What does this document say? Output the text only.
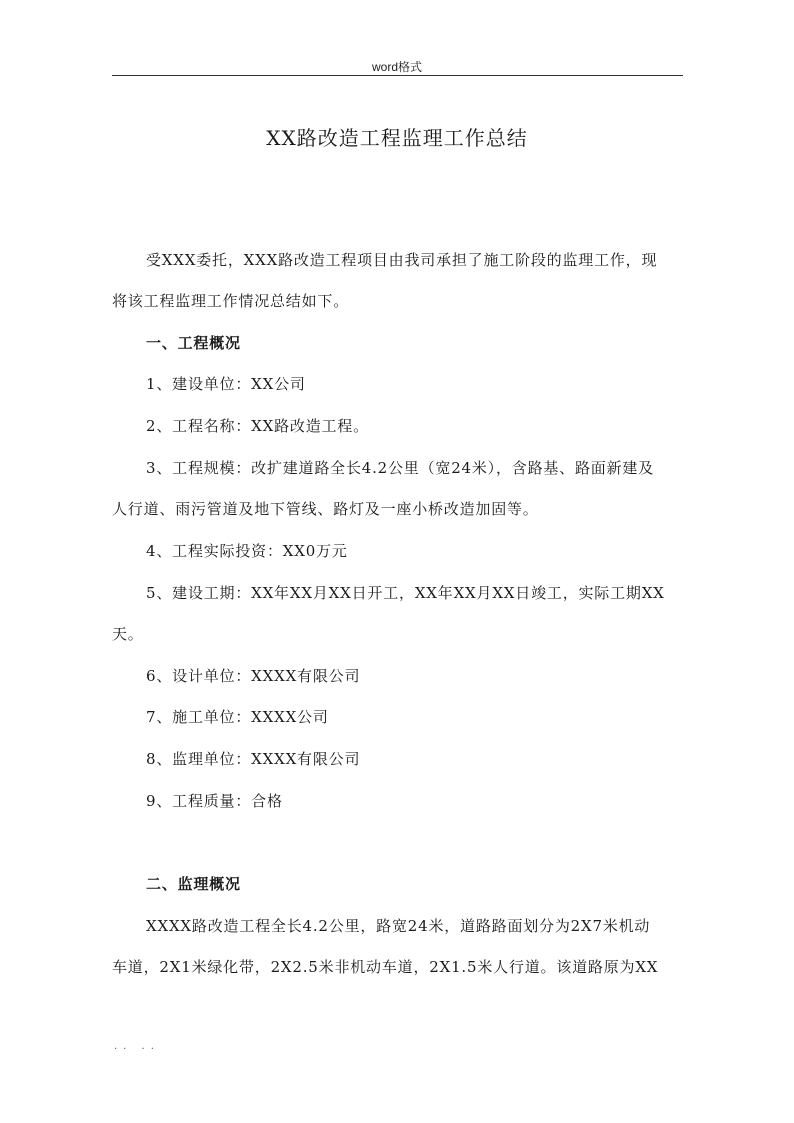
word格式
XX路改造工程监理工作总结
受XXX委托，XXX路改造工程项目由我司承担了施工阶段的监理工作，现
将该工程监理工作情况总结如下。
一、工程概况
1、建设单位：XX公司
2、工程名称：XX路改造工程。
3、工程规模：改扩建道路全长4.2公里（宽24米），含路基、路面新建及
人行道、雨污管道及地下管线、路灯及一座小桥改造加固等。
4、工程实际投资：XX0万元
5、建设工期：XX年XX月XX日开工，XX年XX月XX日竣工，实际工期XX
天。
6、设计单位：XXXX有限公司
7、施工单位：XXXX公司
8、监理单位：XXXX有限公司
9、工程质量：合格
二、监理概况
XXXX路改造工程全长4.2公里，路宽24米，道路路面划分为2X7米机动
车道，2X1米绿化带，2X2.5米非机动车道，2X1.5米人行道。该道路原为XX
.. ..
